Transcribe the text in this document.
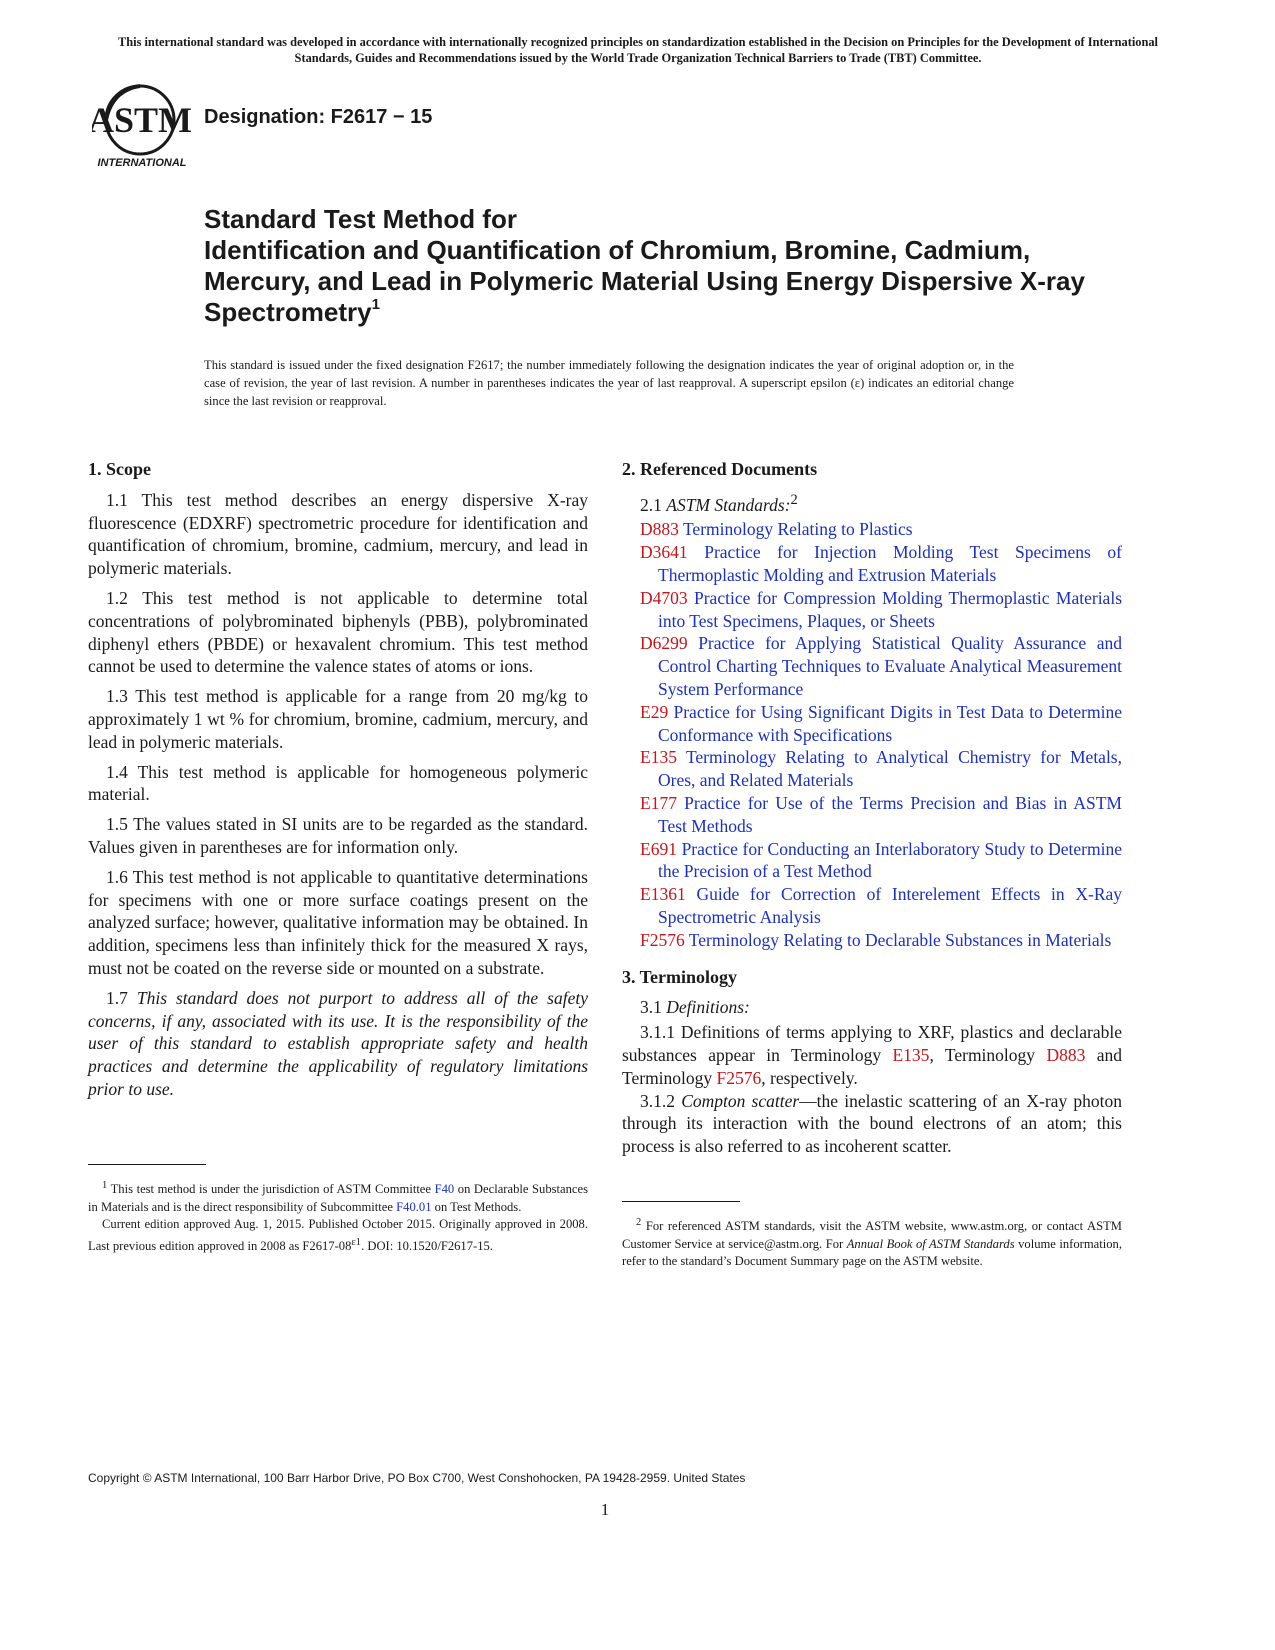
This international standard was developed in accordance with internationally recognized principles on standardization established in the Decision on Principles for the Development of International Standards, Guides and Recommendations issued by the World Trade Organization Technical Barriers to Trade (TBT) Committee.
ASTM
INTERNATIONAL
Designation: F2617 − 15
Standard Test Method for
Identification and Quantification of Chromium, Bromine, Cadmium, Mercury, and Lead in Polymeric Material Using Energy Dispersive X-ray Spectrometry$^1$
This standard is issued under the fixed designation F2617; the number immediately following the designation indicates the year of original adoption or, in the case of revision, the year of last revision. A number in parentheses indicates the year of last reapproval. A superscript epsilon (ε) indicates an editorial change since the last revision or reapproval.
1. Scope

1.1 This test method describes an energy dispersive X-ray fluorescence (EDXRF) spectrometric procedure for identification and quantification of chromium, bromine, cadmium, mercury, and lead in polymeric materials.

1.2 This test method is not applicable to determine total concentrations of polybrominated biphenyls (PBB), polybrominated diphenyl ethers (PBDE) or hexavalent chromium. This test method cannot be used to determine the valence states of atoms or ions.

1.3 This test method is applicable for a range from 20 mg/kg to approximately 1 wt % for chromium, bromine, cadmium, mercury, and lead in polymeric materials.

1.4 This test method is applicable for homogeneous polymeric material.

1.5 The values stated in SI units are to be regarded as the standard. Values given in parentheses are for information only.

1.6 This test method is not applicable to quantitative determinations for specimens with one or more surface coatings present on the analyzed surface; however, qualitative information may be obtained. In addition, specimens less than infinitely thick for the measured X rays, must not be coated on the reverse side or mounted on a substrate.

1.7 This standard does not purport to address all of the safety concerns, if any, associated with its use. It is the responsibility of the user of this standard to establish appropriate safety and health practices and determine the applicability of regulatory limitations prior to use.

$^1$ This test method is under the jurisdiction of ASTM Committee F40 on Declarable Substances in Materials and is the direct responsibility of Subcommittee F40.01 on Test Methods.

Current edition approved Aug. 1, 2015. Published October 2015. Originally approved in 2008. Last previous edition approved in 2008 as $F2617-08^{\varepsilon 1}$. DOI: 10.1520/F2617-15.

2. Referenced Documents
2.1 ASTM Standards:$^2$
D883 Terminology Relating to Plastics
D3641 Practice for Injection Molding Test Specimens of Thermoplastic Molding and Extrusion Materials
D4703 Practice for Compression Molding Thermoplastic Materials into Test Specimens, Plaques, or Sheets
D6299 Practice for Applying Statistical Quality Assurance and Control Charting Techniques to Evaluate Analytical Measurement System Performance
E29 Practice for Using Significant Digits in Test Data to Determine Conformance with Specifications
E135 Terminology Relating to Analytical Chemistry for Metals, Ores, and Related Materials
E177 Practice for Use of the Terms Precision and Bias in ASTM Test Methods
E691 Practice for Conducting an Interlaboratory Study to Determine the Precision of a Test Method
E1361 Guide for Correction of Interelement Effects in X-Ray Spectrometric Analysis
F2576 Terminology Relating to Declarable Substances in Materials
3. Terminology
3.1 Definitions:

3.1.1 Definitions of terms applying to XRF, plastics and declarable substances appear in Terminology E135, Terminology D883 and Terminology F2576, respectively.

3.1.2 Compton scatter—the inelastic scattering of an X-ray photon through its interaction with the bound electrons of an atom; this process is also referred to as incoherent scatter.

$^2$ For referenced ASTM standards, visit the ASTM website, www.astm.org, or contact ASTM Customer Service at service@astm.org. For Annual Book of ASTM Standards volume information, refer to the standard’s Document Summary page on the ASTM website.

Copyright © ASTM International, 100 Barr Harbor Drive, PO Box C700, West Conshohocken, PA 19428-2959. United States
1
